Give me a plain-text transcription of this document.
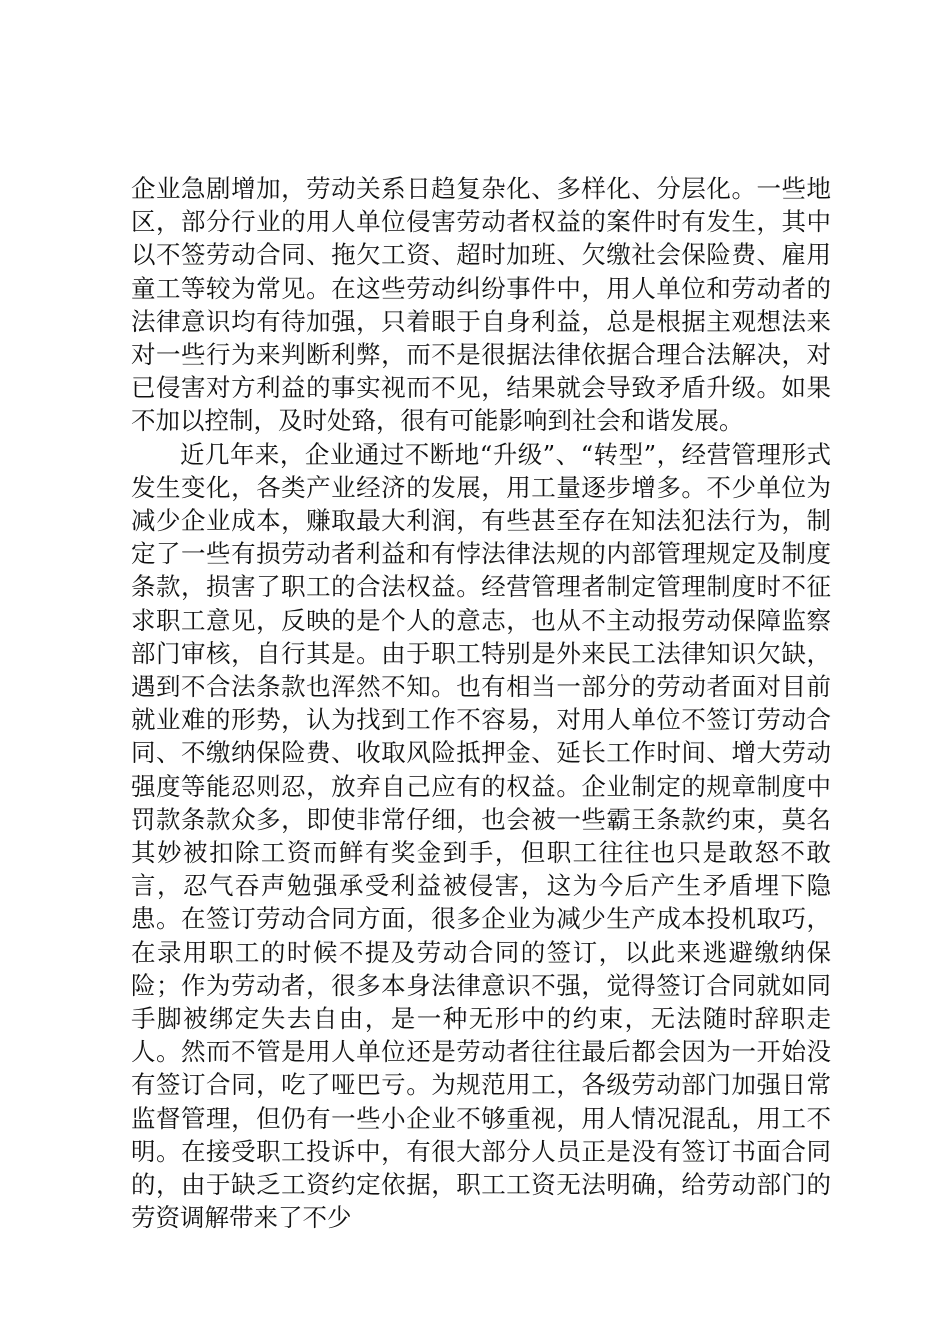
企业急剧增加，劳动关系日趋复杂化、多样化、分层化。一些地区，部分行业的用人单位侵害劳动者权益的案件时有发生，其中以不签劳动合同、拖欠工资、超时加班、欠缴社会保险费、雇用童工等较为常见。在这些劳动纠纷事件中，用人单位和劳动者的法律意识均有待加强，只着眼于自身利益，总是根据主观想法来对一些行为来判断利弊，而不是很据法律依据合理合法解决，对已侵害对方利益的事实视而不见，结果就会导致矛盾升级。如果不加以控制，及时处臵，很有可能影响到社会和谐发展。

近几年来，企业通过不断地“升级”、“转型”，经营管理形式发生变化，各类产业经济的发展，用工量逐步增多。不少单位为减少企业成本，赚取最大利润，有些甚至存在知法犯法行为，制定了一些有损劳动者利益和有悖法律法规的内部管理规定及制度条款，损害了职工的合法权益。经营管理者制定管理制度时不征求职工意见，反映的是个人的意志，也从不主动报劳动保障监察部门审核，自行其是。由于职工特别是外来民工法律知识欠缺，遇到不合法条款也浑然不知。也有相当一部分的劳动者面对目前就业难的形势，认为找到工作不容易，对用人单位不签订劳动合同、不缴纳保险费、收取风险抵押金、延长工作时间、增大劳动强度等能忍则忍，放弃自己应有的权益。企业制定的规章制度中罚款条款众多，即使非常仔细，也会被一些霸王条款约束，莫名其妙被扣除工资而鲜有奖金到手，但职工往往也只是敢怒不敢言，忍气吞声勉强承受利益被侵害，这为今后产生矛盾埋下隐患。在签订劳动合同方面，很多企业为减少生产成本投机取巧，在录用职工的时候不提及劳动合同的签订，以此来逃避缴纳保险；作为劳动者，很多本身法律意识不强，觉得签订合同就如同手脚被绑定失去自由，是一种无形中的约束，无法随时辞职走人。然而不管是用人单位还是劳动者往往最后都会因为一开始没有签订合同，吃了哑巴亏。为规范用工，各级劳动部门加强日常监督管理，但仍有一些小企业不够重视，用人情况混乱，用工不明。在接受职工投诉中，有很大部分人员正是没有签订书面合同的，由于缺乏工资约定依据，职工工资无法明确，给劳动部门的劳资调解带来了不少
